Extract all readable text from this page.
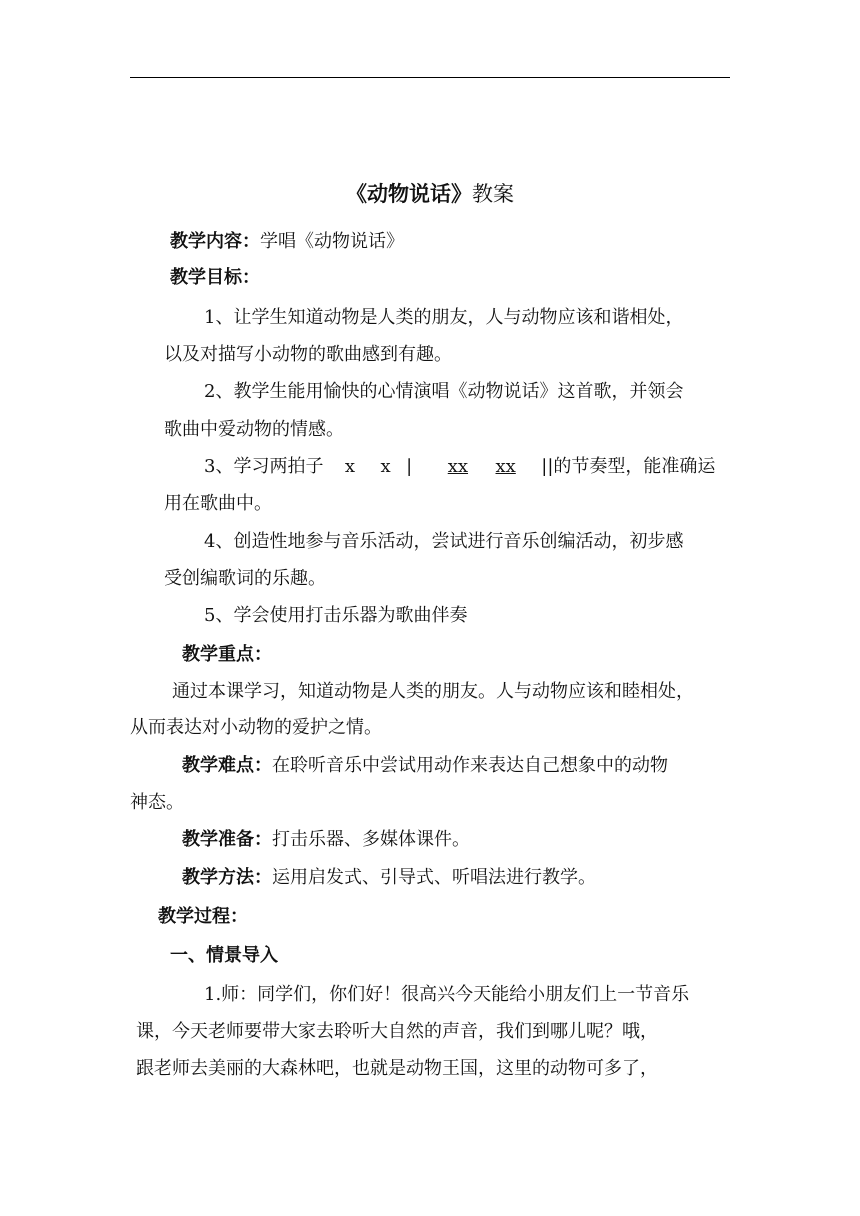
《动物说话》教案
教学内容：学唱《动物说话》
教学目标：
1、让学生知道动物是人类的朋友，人与动物应该和谐相处，
以及对描写小动物的歌曲感到有趣。
2、教学生能用愉快的心情演唱《动物说话》这首歌，并领会
歌曲中爱动物的情感。
3、学习两拍子 x x | xx xx ||的节奏型，能准确运
用在歌曲中。
4、创造性地参与音乐活动，尝试进行音乐创编活动，初步感
受创编歌词的乐趣。
5、学会使用打击乐器为歌曲伴奏
教学重点：
通过本课学习，知道动物是人类的朋友。人与动物应该和睦相处，
从而表达对小动物的爱护之情。
教学难点：在聆听音乐中尝试用动作来表达自己想象中的动物
神态。
教学准备：打击乐器、多媒体课件。
教学方法：运用启发式、引导式、听唱法进行教学。
教学过程：
一、情景导入
1.师：同学们，你们好！很高兴今天能给小朋友们上一节音乐
课，今天老师要带大家去聆听大自然的声音，我们到哪儿呢？哦，
跟老师去美丽的大森林吧，也就是动物王国，这里的动物可多了，
